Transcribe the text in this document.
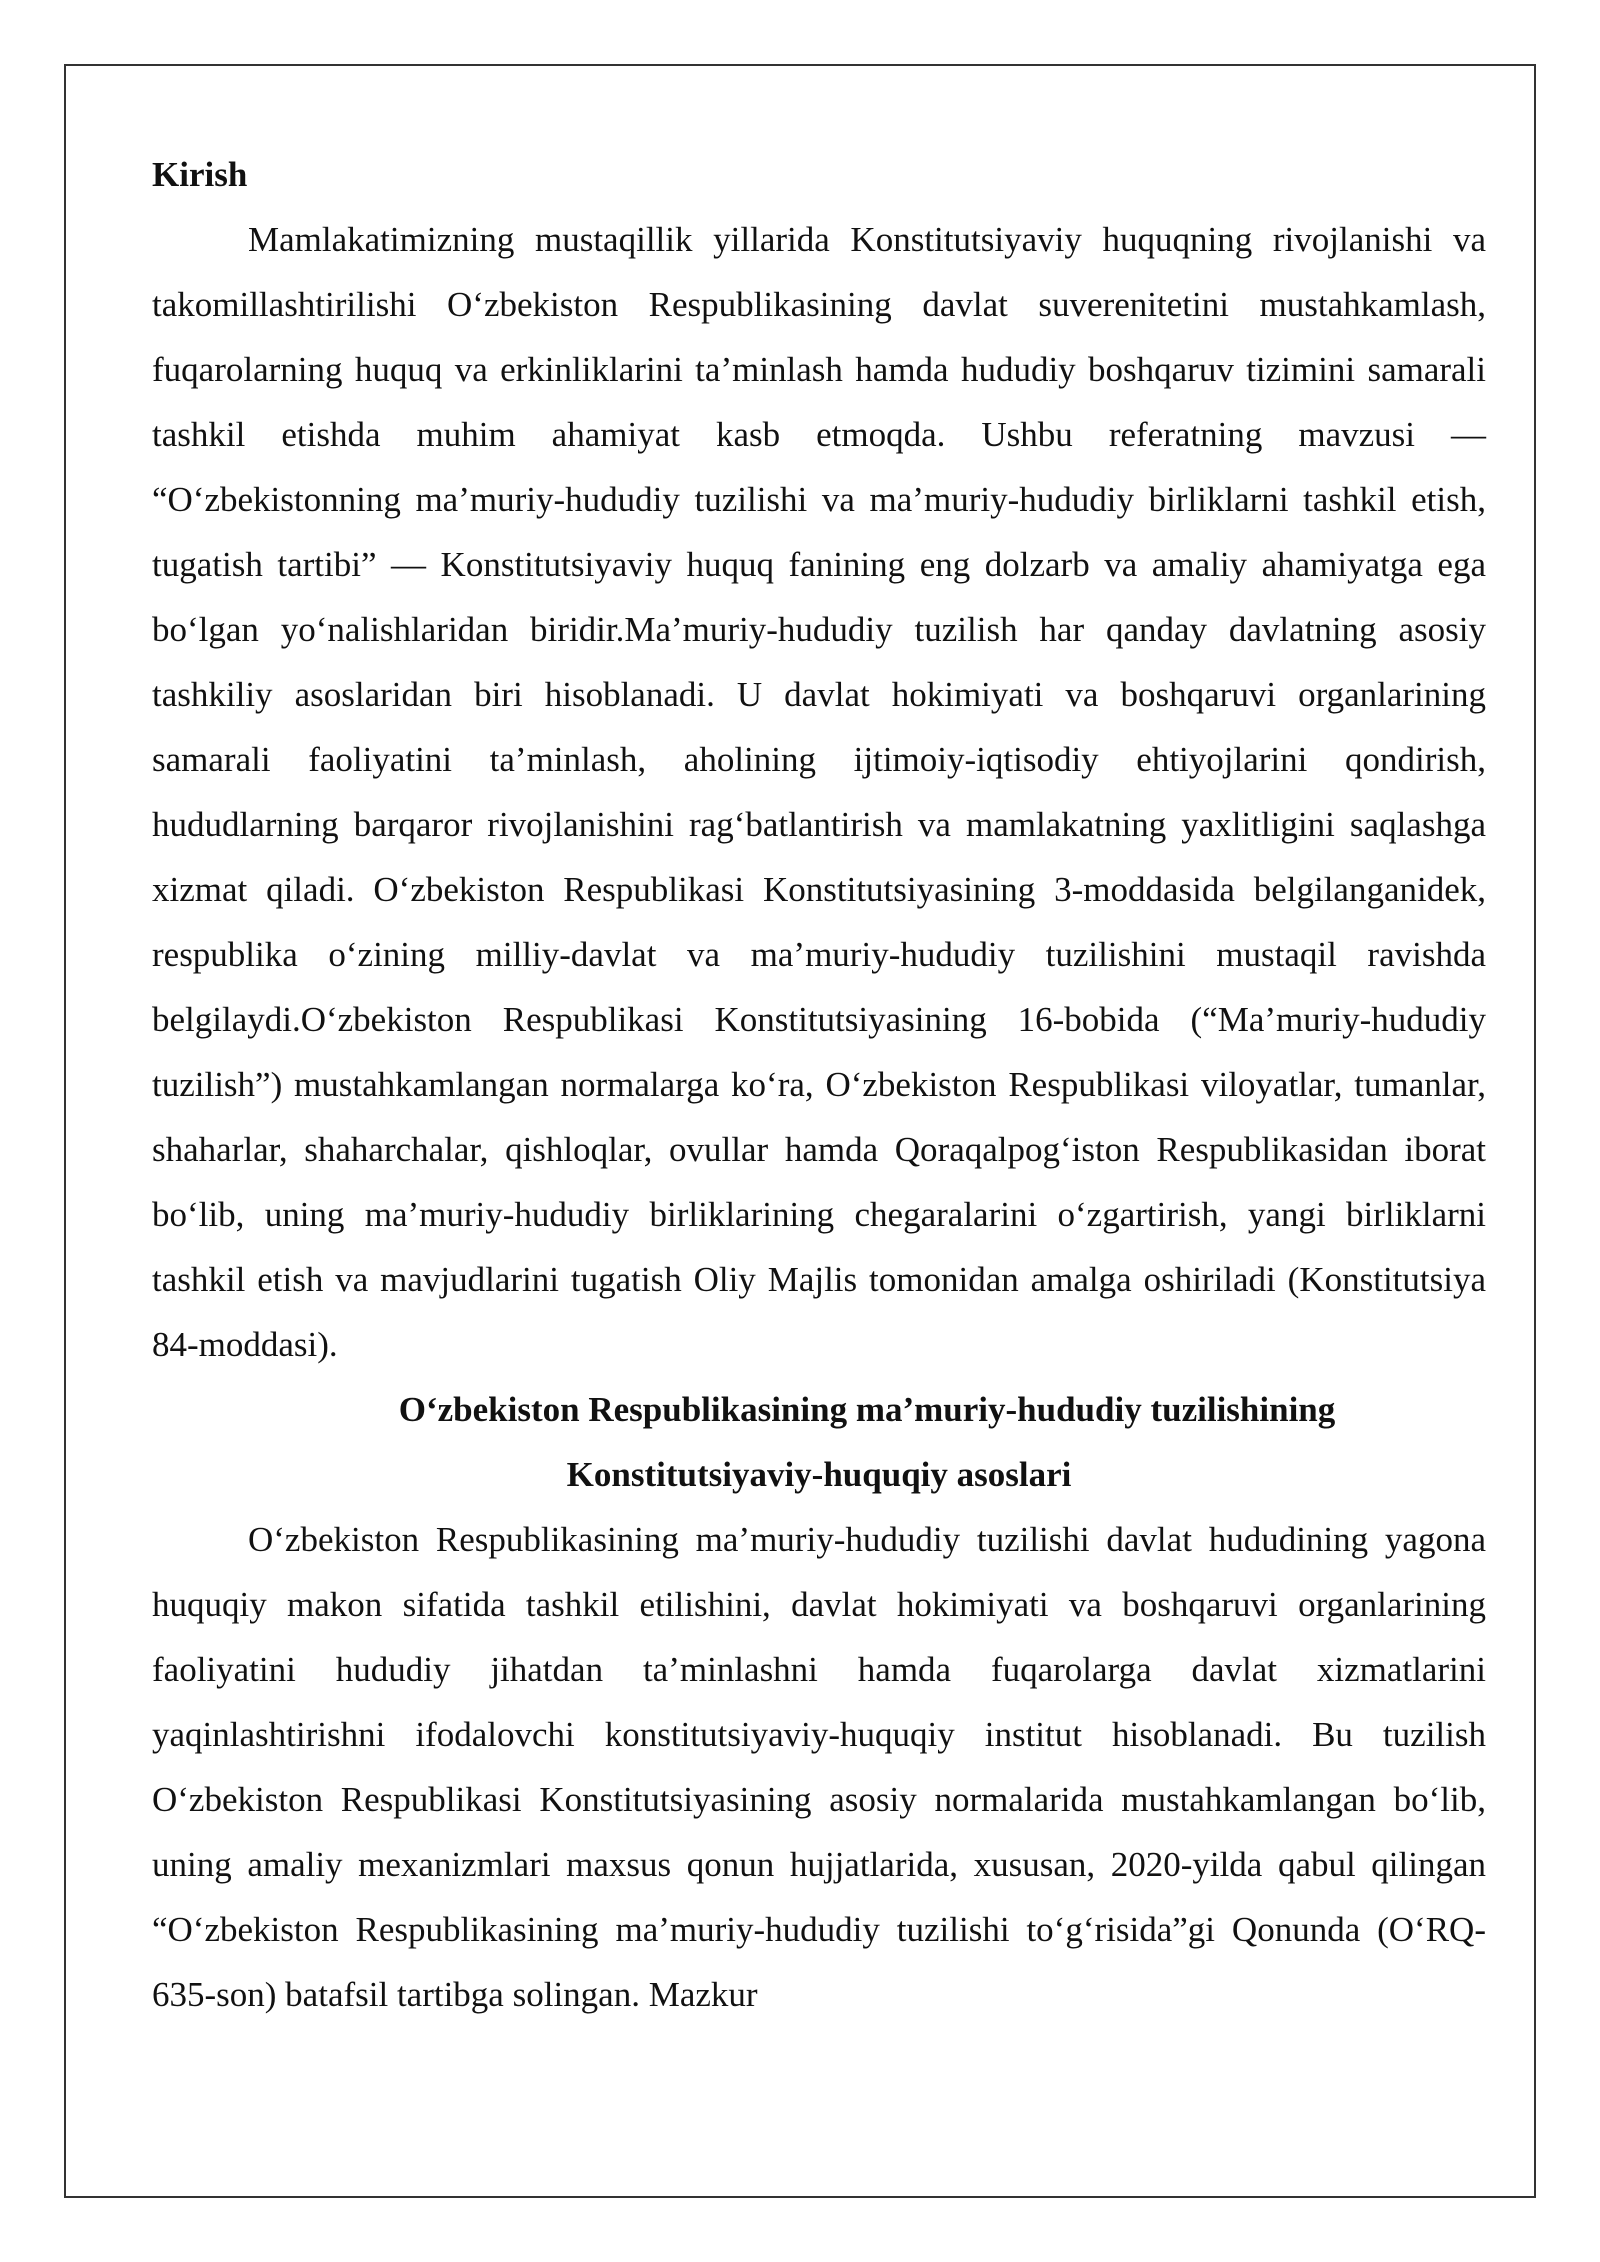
Kirish

Mamlakatimizning mustaqillik yillarida Konstitutsiyaviy huquqning rivojlanishi va takomillashtirilishi O‘zbekiston Respublikasining davlat suverenitetini mustahkamlash, fuqarolarning huquq va erkinliklarini ta’minlash hamda hududiy boshqaruv tizimini samarali tashkil etishda muhim ahamiyat kasb etmoqda. Ushbu referatning mavzusi — “O‘zbekistonning ma’muriy-hududiy tuzilishi va ma’muriy-hududiy birliklarni tashkil etish, tugatish tartibi” — Konstitutsiyaviy huquq fanining eng dolzarb va amaliy ahamiyatga ega bo‘lgan yo‘nalishlaridan biridir.Ma’muriy-hududiy tuzilish har qanday davlatning asosiy tashkiliy asoslaridan biri hisoblanadi. U davlat hokimiyati va boshqaruvi organlarining samarali faoliyatini ta’minlash, aholining ijtimoiy-iqtisodiy ehtiyojlarini qondirish, hududlarning barqaror rivojlanishini rag‘batlantirish va mamlakatning yaxlitligini saqlashga xizmat qiladi. O‘zbekiston Respublikasi Konstitutsiyasining 3-moddasida belgilanganidek, respublika o‘zining milliy-davlat va ma’muriy-hududiy tuzilishini mustaqil ravishda belgilaydi.O‘zbekiston Respublikasi Konstitutsiyasining 16-bobida (“Ma’muriy-hududiy tuzilish”) mustahkamlangan normalarga ko‘ra, O‘zbekiston Respublikasi viloyatlar, tumanlar, shaharlar, shaharchalar, qishloqlar, ovullar hamda Qoraqalpog‘iston Respublikasidan iborat bo‘lib, uning ma’muriy-hududiy birliklarining chegaralarini o‘zgartirish, yangi birliklarni tashkil etish va mavjudlarini tugatish Oliy Majlis tomonidan amalga oshiriladi (Konstitutsiya 84-moddasi).

O‘zbekiston Respublikasining ma’muriy-hududiy tuzilishining
Konstitutsiyaviy-huquqiy asoslari

O‘zbekiston Respublikasining ma’muriy-hududiy tuzilishi davlat hududining yagona huquqiy makon sifatida tashkil etilishini, davlat hokimiyati va boshqaruvi organlarining faoliyatini hududiy jihatdan ta’minlashni hamda fuqarolarga davlat xizmatlarini yaqinlashtirishni ifodalovchi konstitutsiyaviy-huquqiy institut hisoblanadi. Bu tuzilish O‘zbekiston Respublikasi Konstitutsiyasining asosiy normalarida mustahkamlangan bo‘lib, uning amaliy mexanizmlari maxsus qonun hujjatlarida, xususan, 2020-yilda qabul qilingan “O‘zbekiston Respublikasining ma’muriy-hududiy tuzilishi to‘g‘risida”gi Qonunda (O‘RQ-635-son) batafsil tartibga solingan. Mazkur
